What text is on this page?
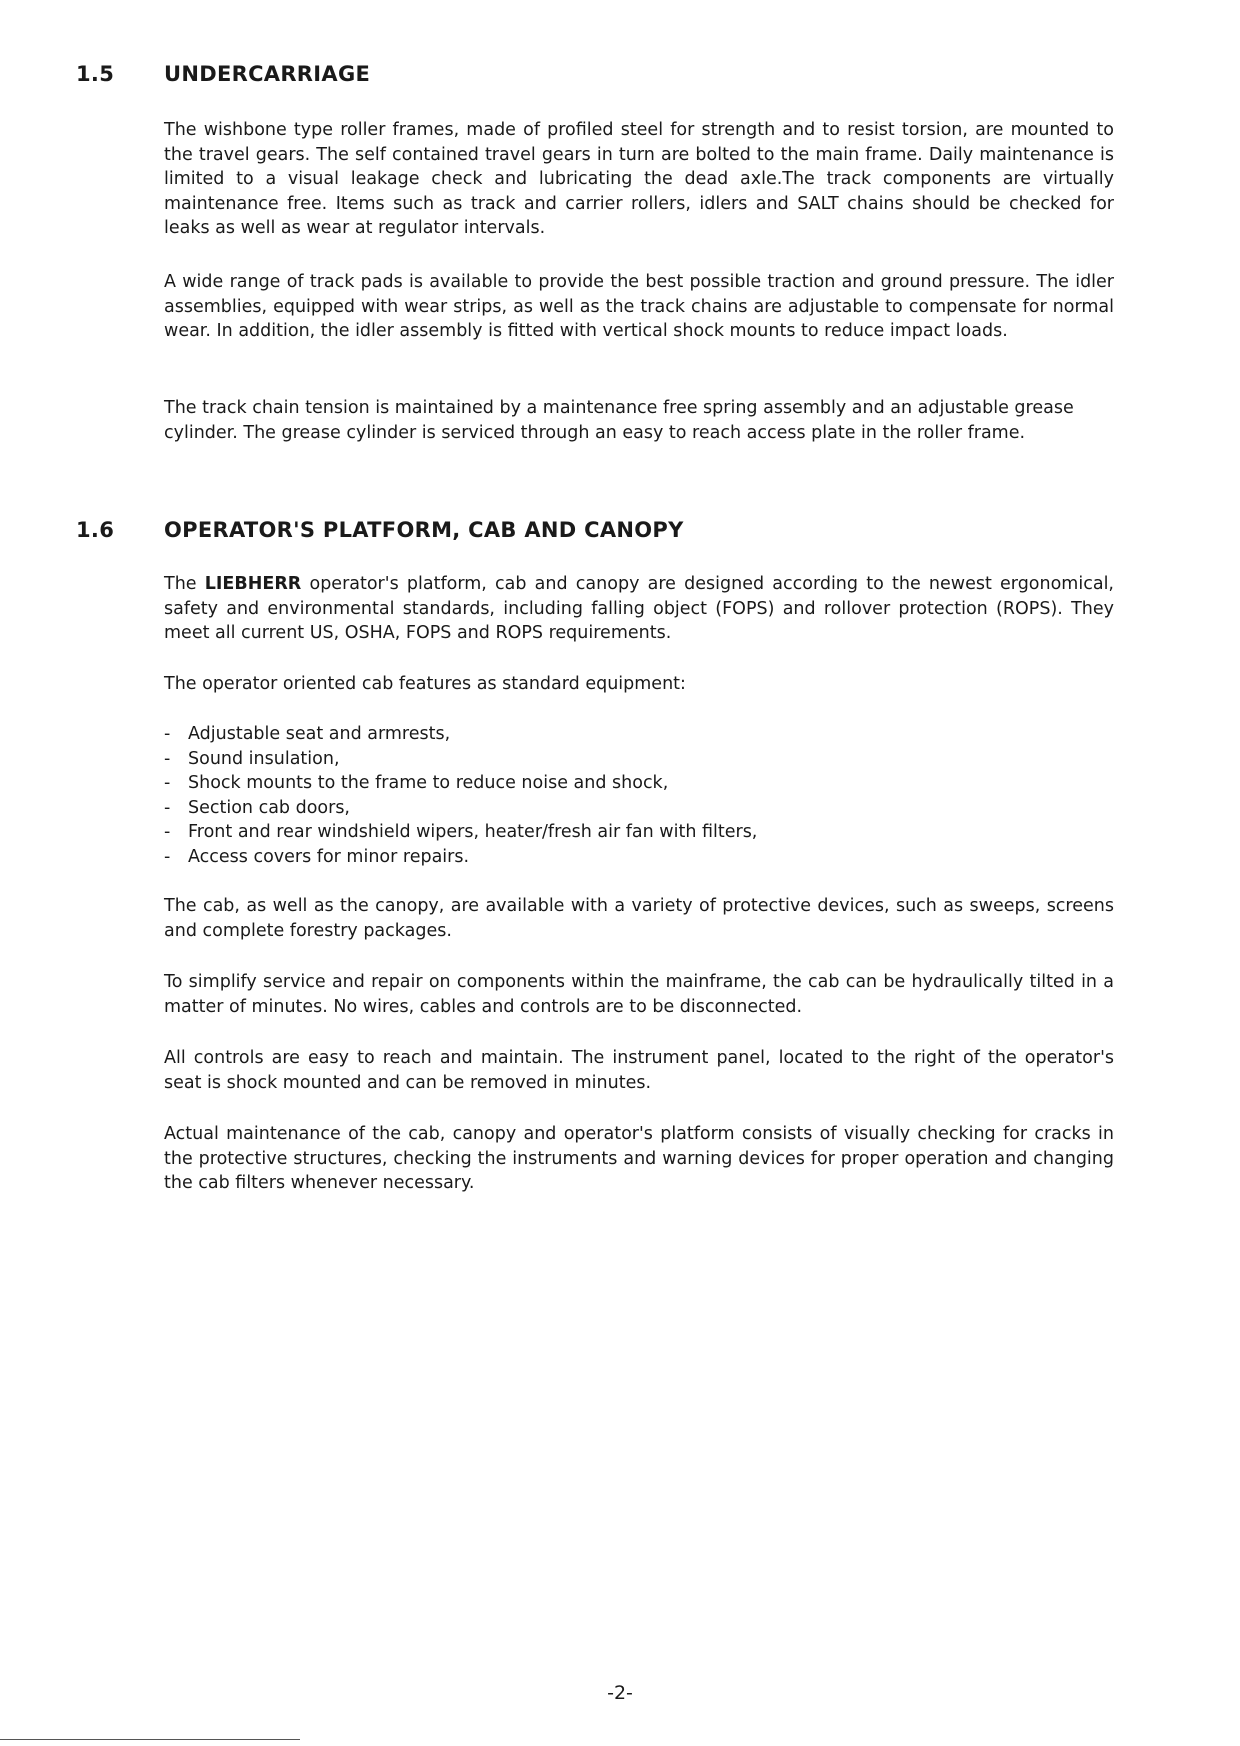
1.5 UNDERCARRIAGE

The wishbone type roller frames, made of profiled steel for strength and to resist torsion, are mounted to the travel gears. The self contained travel gears in turn are bolted to the main frame. Daily maintenance is limited to a visual leakage check and lubricating the dead axle.The track components are virtually maintenance free. Items such as track and carrier rollers, idlers and SALT chains should be checked for leaks as well as wear at regulator intervals.

A wide range of track pads is available to provide the best possible traction and ground pressure. The idler assemblies, equipped with wear strips, as well as the track chains are adjustable to compensate for normal wear. In addition, the idler assembly is fitted with vertical shock mounts to reduce impact loads.

The track chain tension is maintained by a maintenance free spring assembly and an adjustable grease cylinder. The grease cylinder is serviced through an easy to reach access plate in the roller frame.

1.6 OPERATOR'S PLATFORM, CAB AND CANOPY

The LIEBHERR operator's platform, cab and canopy are designed according to the newest ergonomical, safety and environmental standards, including falling object (FOPS) and rollover protection (ROPS). They meet all current US, OSHA, FOPS and ROPS requirements.

The operator oriented cab features as standard equipment:

- Adjustable seat and armrests,
- Sound insulation,
- Shock mounts to the frame to reduce noise and shock,
- Section cab doors,
- Front and rear windshield wipers, heater/fresh air fan with filters,
- Access covers for minor repairs.

The cab, as well as the canopy, are available with a variety of protective devices, such as sweeps, screens and complete forestry packages.

To simplify service and repair on components within the mainframe, the cab can be hydraulically tilted in a matter of minutes. No wires, cables and controls are to be disconnected.

All controls are easy to reach and maintain. The instrument panel, located to the right of the operator's seat is shock mounted and can be removed in minutes.

Actual maintenance of the cab, canopy and operator's platform consists of visually checking for cracks in the protective structures, checking the instruments and warning devices for proper operation and changing the cab filters whenever necessary.

-2-
